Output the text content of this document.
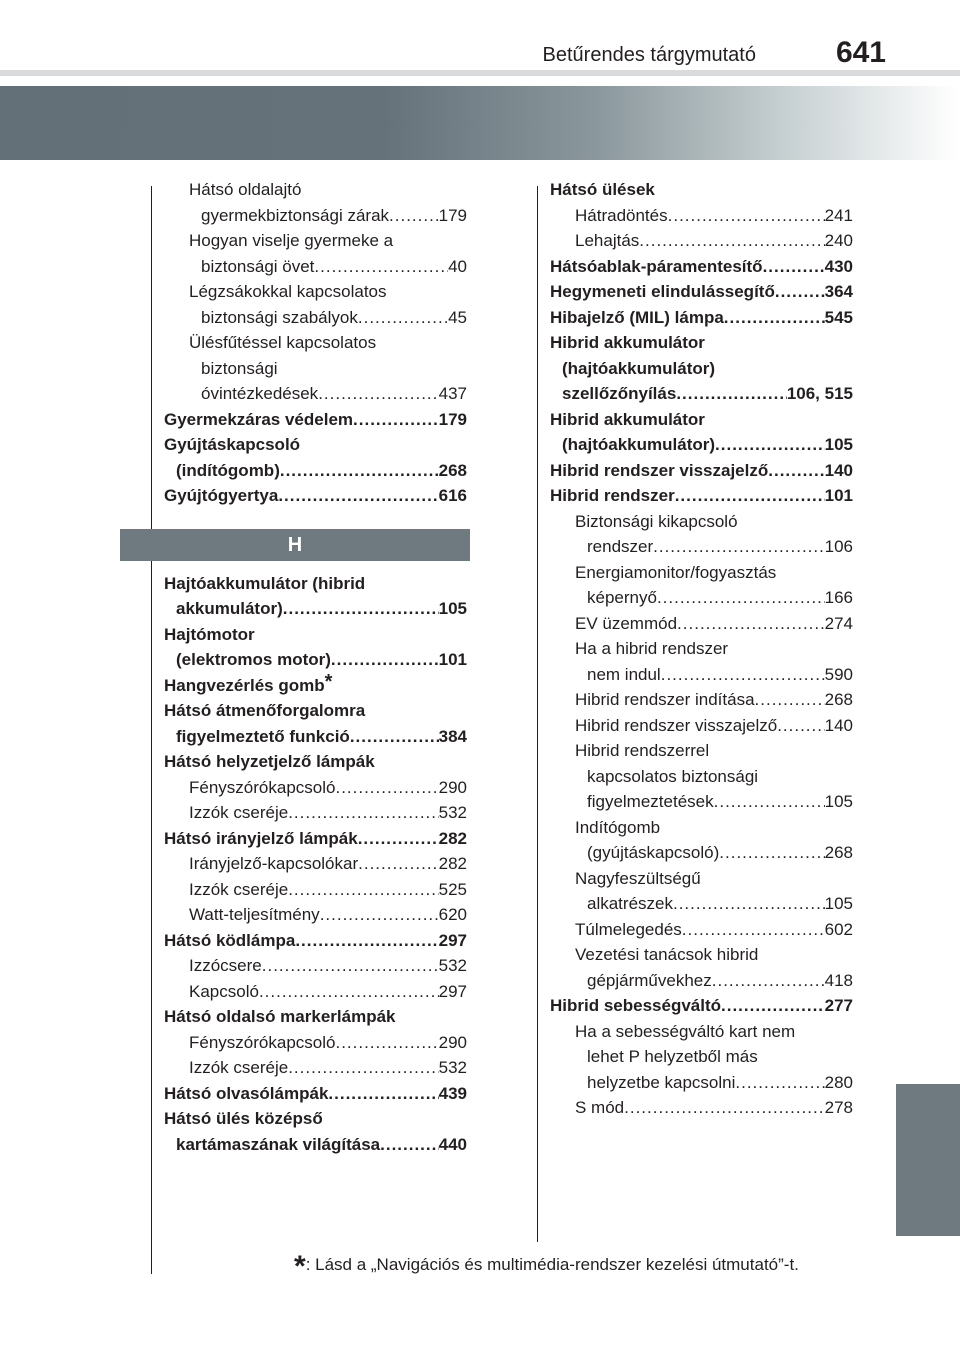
Betűrendes tárgymutató	641
Hátsó oldalajtó
gyermekbiztonsági zárak .....	179
Hogyan viselje gyermeke a
biztonsági övet .....	40
Légzsákokkal kapcsolatos
biztonsági szabályok .....	45
Ülésfűtéssel kapcsolatos
biztonsági
óvintézkedések .....	437
Gyermekzáras védelem .....	179
Gyújtáskapcsoló
(indítógomb) .....	268
Gyújtógyertya .....	616
H
Hajtóakkumulátor (hibrid
akkumulátor) .....	105
Hajtómotor
(elektromos motor) .....	101
Hangvezérlés gomb*
Hátsó átmenőforgalomra
figyelmeztető funkció .....	384
Hátsó helyzetjelző lámpák
Fényszórókapcsoló .....	290
Izzók cseréje .....	532
Hátsó irányjelző lámpák .....	282
Irányjelző-kapcsolókar .....	282
Izzók cseréje .....	525
Watt-teljesítmény .....	620
Hátsó ködlámpa .....	297
Izzócsere .....	532
Kapcsoló .....	297
Hátsó oldalsó markerlámpák
Fényszórókapcsoló .....	290
Izzók cseréje .....	532
Hátsó olvasólámpák .....	439
Hátsó ülés középső
kartámaszának világítása .....	440
Hátsó ülések
Hátradöntés .....	241
Lehajtás .....	240
Hátsóablak-páramentesítő .....	430
Hegymeneti elindulássegítő .....	364
Hibajelző (MIL) lámpa .....	545
Hibrid akkumulátor
(hajtóakkumulátor)
szellőzőnyílás .....	106, 515
Hibrid akkumulátor
(hajtóakkumulátor) .....	105
Hibrid rendszer visszajelző .....	140
Hibrid rendszer .....	101
Biztonsági kikapcsoló
rendszer .....	106
Energiamonitor/fogyasztás
képernyő .....	166
EV üzemmód .....	274
Ha a hibrid rendszer
nem indul .....	590
Hibrid rendszer indítása .....	268
Hibrid rendszer visszajelző .....	140
Hibrid rendszerrel
kapcsolatos biztonsági
figyelmeztetések .....	105
Indítógomb
(gyújtáskapcsoló) .....	268
Nagyfeszültségű
alkatrészek .....	105
Túlmelegedés .....	602
Vezetési tanácsok hibrid
gépjárművekhez .....	418
Hibrid sebességváltó .....	277
Ha a sebességváltó kart nem
lehet P helyzetből más
helyzetbe kapcsolni .....	280
S mód .....	278
*: Lásd a „Navigációs és multimédia-rendszer kezelési útmutató”-t.
